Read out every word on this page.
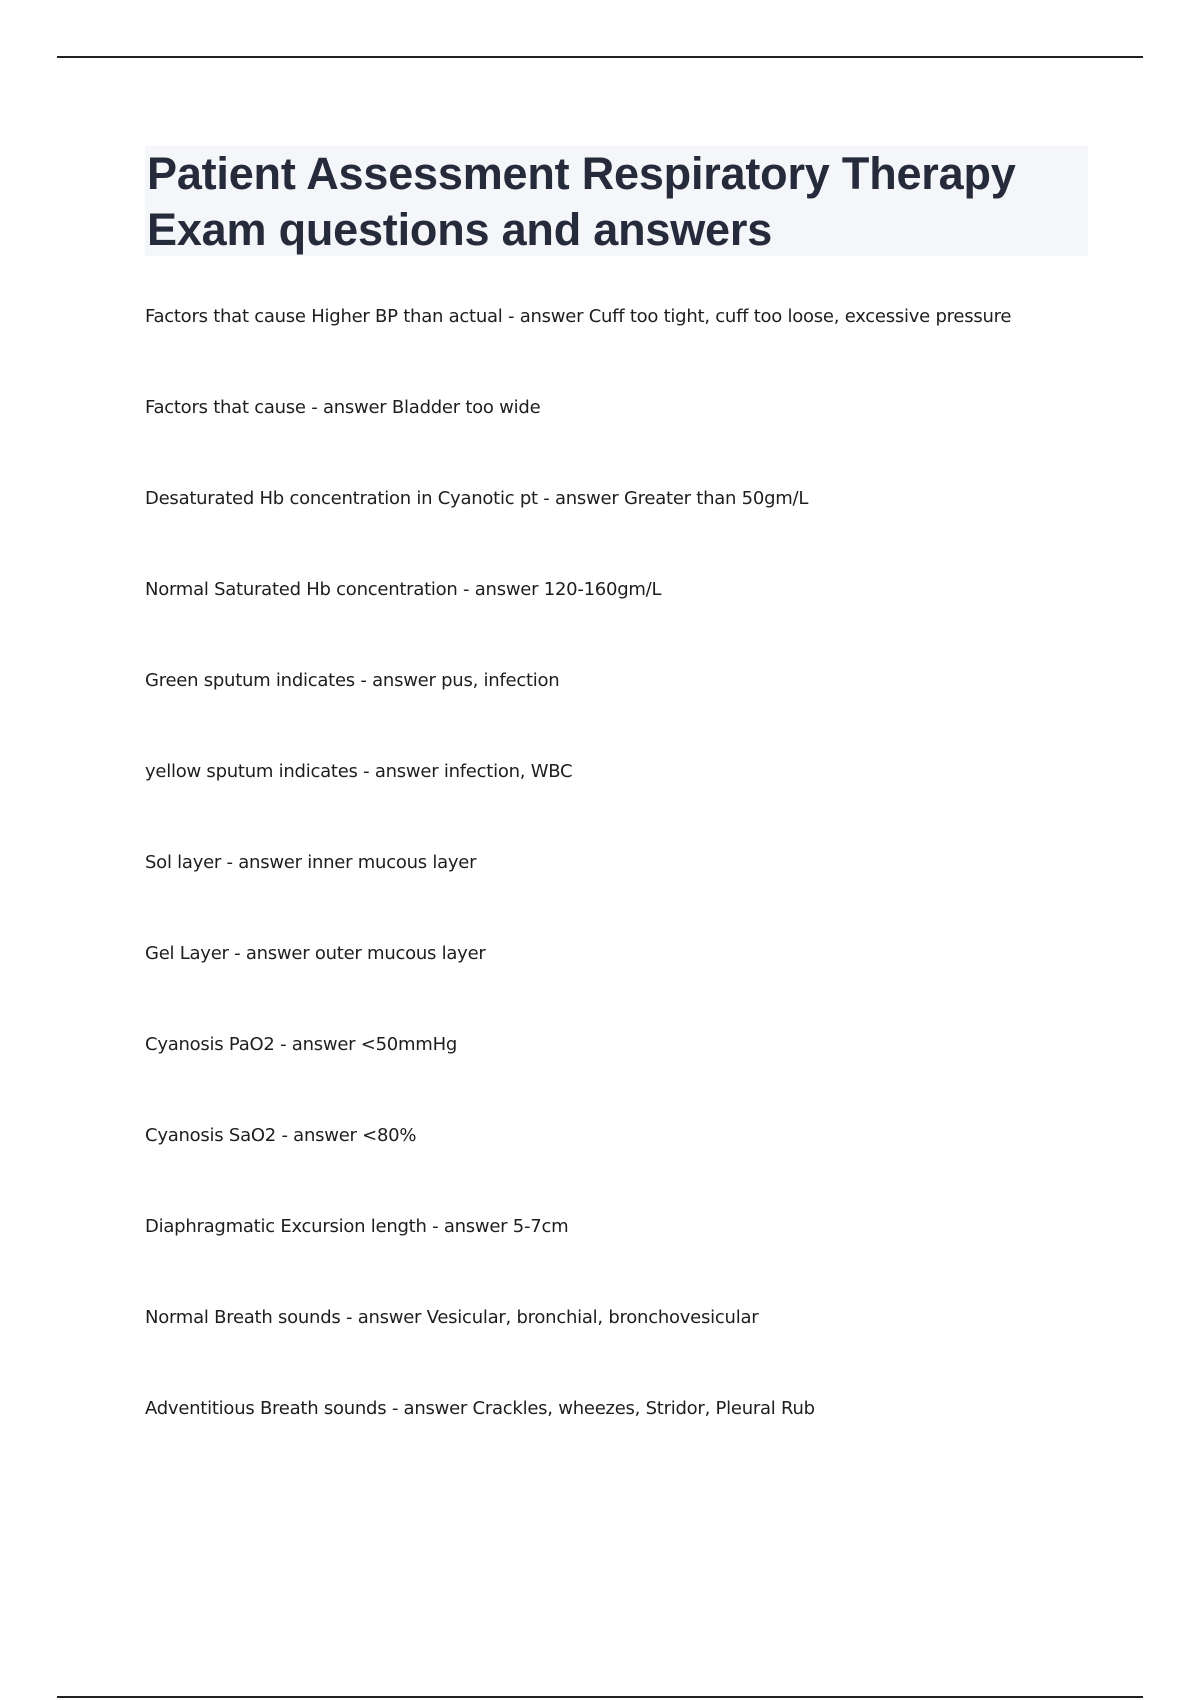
Patient Assessment Respiratory Therapy
Exam questions and answers
Factors that cause Higher BP than actual - answer Cuff too tight, cuff too loose, excessive pressure
Factors that cause - answer Bladder too wide
Desaturated Hb concentration in Cyanotic pt - answer Greater than 50gm/L
Normal Saturated Hb concentration - answer 120-160gm/L
Green sputum indicates - answer pus, infection
yellow sputum indicates - answer infection, WBC
Sol layer - answer inner mucous layer
Gel Layer - answer outer mucous layer
Cyanosis PaO2 - answer <50mmHg
Cyanosis SaO2 - answer <80%
Diaphragmatic Excursion length - answer 5-7cm
Normal Breath sounds - answer Vesicular, bronchial, bronchovesicular
Adventitious Breath sounds - answer Crackles, wheezes, Stridor, Pleural Rub
